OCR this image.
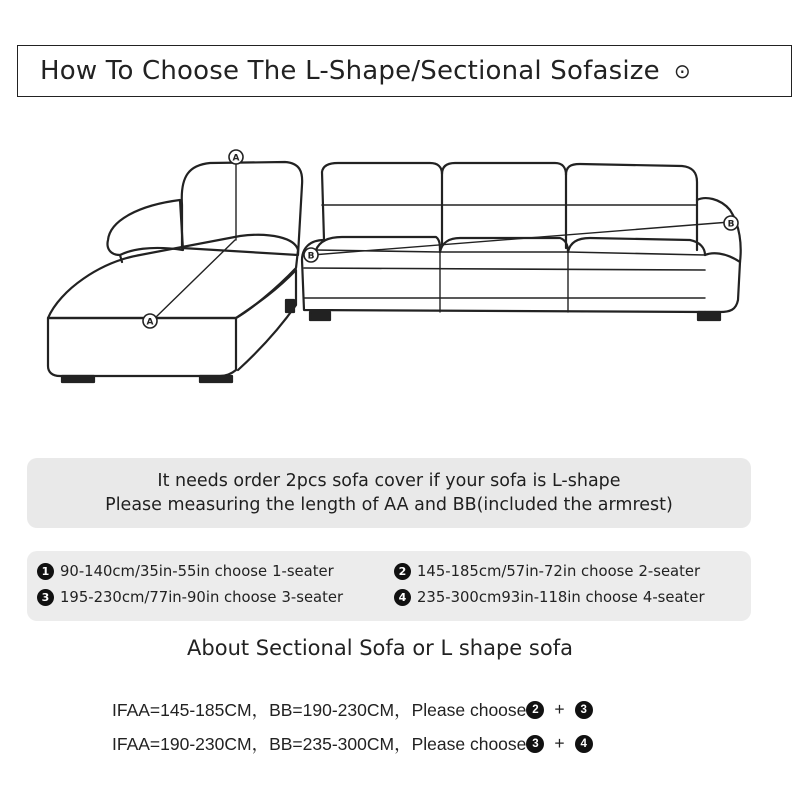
How To Choose The L-Shape/Sectional Sofasize ⊙
A
A
B
B
It needs order 2pcs sofa cover if your sofa is L-shape
Please measuring the length of AA and BB(included the armrest)
1 90-140cm/35in-55in choose 1-seater	2 145-185cm/57in-72in choose 2-seater
3 195-230cm/77in-90in choose 3-seater	4 235-300cm93in-118in choose 4-seater
About Sectional Sofa or L shape sofa
IFAA=145-185CM，BB=190-230CM，Please choose 2 +	3
IFAA=190-230CM，BB=235-300CM，Please choose 3 +	4
